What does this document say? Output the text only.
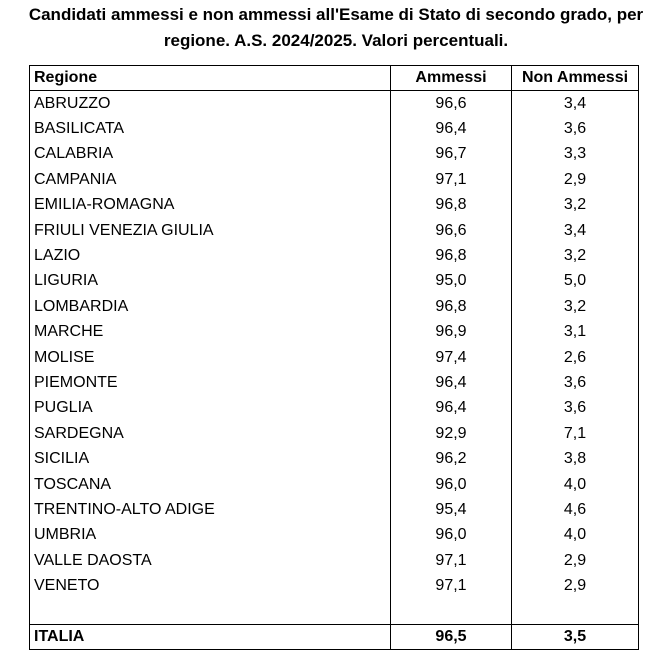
Candidati ammessi e non ammessi all'Esame di Stato di secondo grado, per
regione. A.S. 2024/2025. Valori percentuali.
Regione	Ammessi	Non Ammessi
ABRUZZO	96,6	3,4
BASILICATA	96,4	3,6
CALABRIA	96,7	3,3
CAMPANIA	97,1	2,9
EMILIA-ROMAGNA	96,8	3,2
FRIULI VENEZIA GIULIA	96,6	3,4
LAZIO	96,8	3,2
LIGURIA	95,0	5,0
LOMBARDIA	96,8	3,2
MARCHE	96,9	3,1
MOLISE	97,4	2,6
PIEMONTE	96,4	3,6
PUGLIA	96,4	3,6
SARDEGNA	92,9	7,1
SICILIA	96,2	3,8
TOSCANA	96,0	4,0
TRENTINO-ALTO ADIGE	95,4	4,6
UMBRIA	96,0	4,0
VALLE DAOSTA	97,1	2,9
VENETO	97,1	2,9

ITALIA	96,5	3,5
